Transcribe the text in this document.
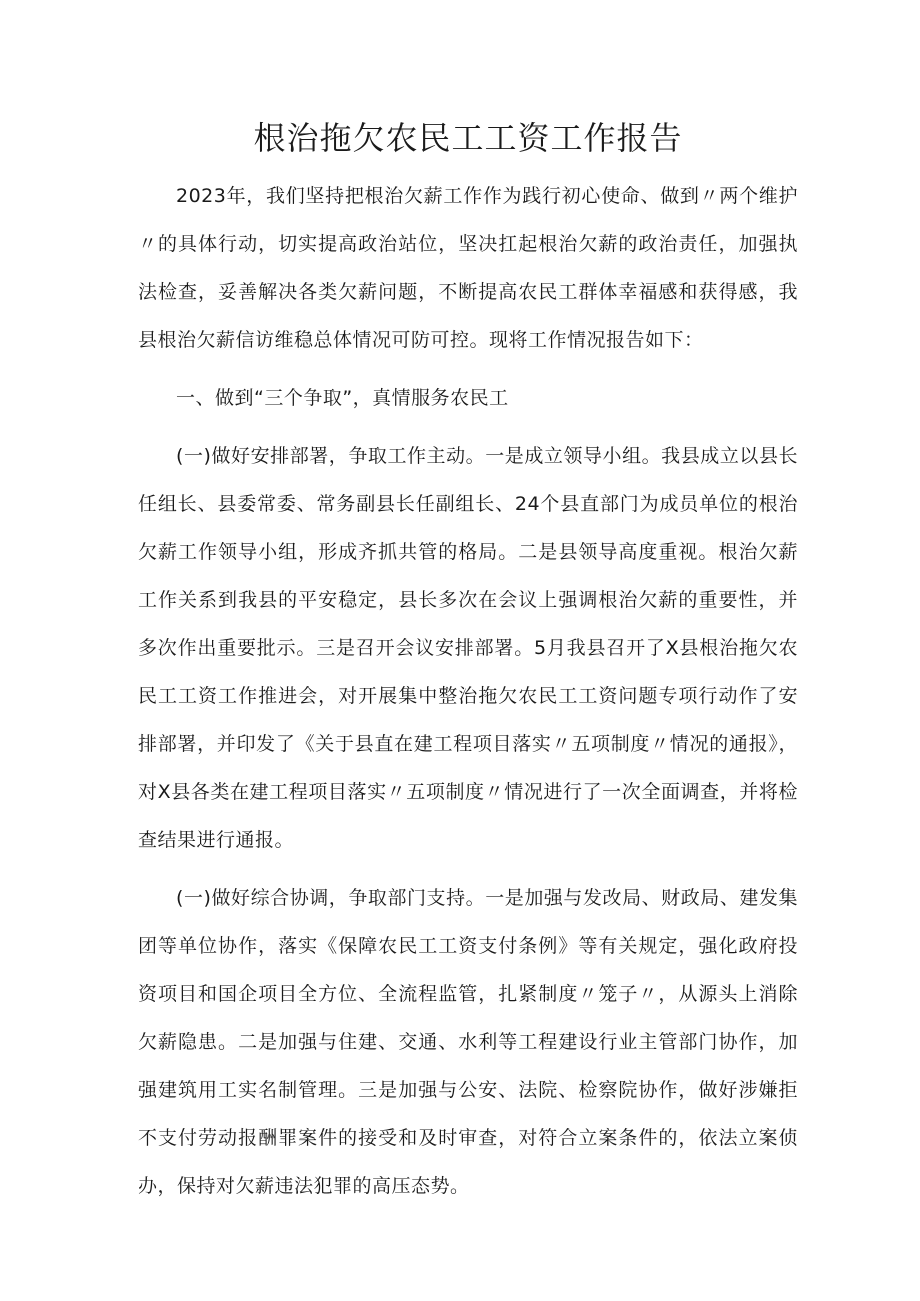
根治拖欠农民工工资工作报告

2023年，我们坚持把根治欠薪工作作为践行初心使命、做到〃两个维护〃的具体行动，切实提高政治站位，坚决扛起根治欠薪的政治责任，加强执法检查，妥善解决各类欠薪问题，不断提高农民工群体幸福感和获得感，我县根治欠薪信访维稳总体情况可防可控。现将工作情况报告如下：

一、做到“三个争取”，真情服务农民工

(一)做好安排部署，争取工作主动。一是成立领导小组。我县成立以县长任组长、县委常委、常务副县长任副组长、24个县直部门为成员单位的根治欠薪工作领导小组，形成齐抓共管的格局。二是县领导高度重视。根治欠薪工作关系到我县的平安稳定，县长多次在会议上强调根治欠薪的重要性，并多次作出重要批示。三是召开会议安排部署。5月我县召开了X县根治拖欠农民工工资工作推进会，对开展集中整治拖欠农民工工资问题专项行动作了安排部署，并印发了《关于县直在建工程项目落实〃五项制度〃情况的通报》，对X县各类在建工程项目落实〃五项制度〃情况进行了一次全面调查，并将检查结果进行通报。

(一)做好综合协调，争取部门支持。一是加强与发改局、财政局、建发集团等单位协作，落实《保障农民工工资支付条例》等有关规定，强化政府投资项目和国企项目全方位、全流程监管，扎紧制度〃笼子〃，从源头上消除欠薪隐患。二是加强与住建、交通、水利等工程建设行业主管部门协作，加强建筑用工实名制管理。三是加强与公安、法院、检察院协作，做好涉嫌拒不支付劳动报酬罪案件的接受和及时审查，对符合立案条件的，依法立案侦办，保持对欠薪违法犯罪的高压态势。
